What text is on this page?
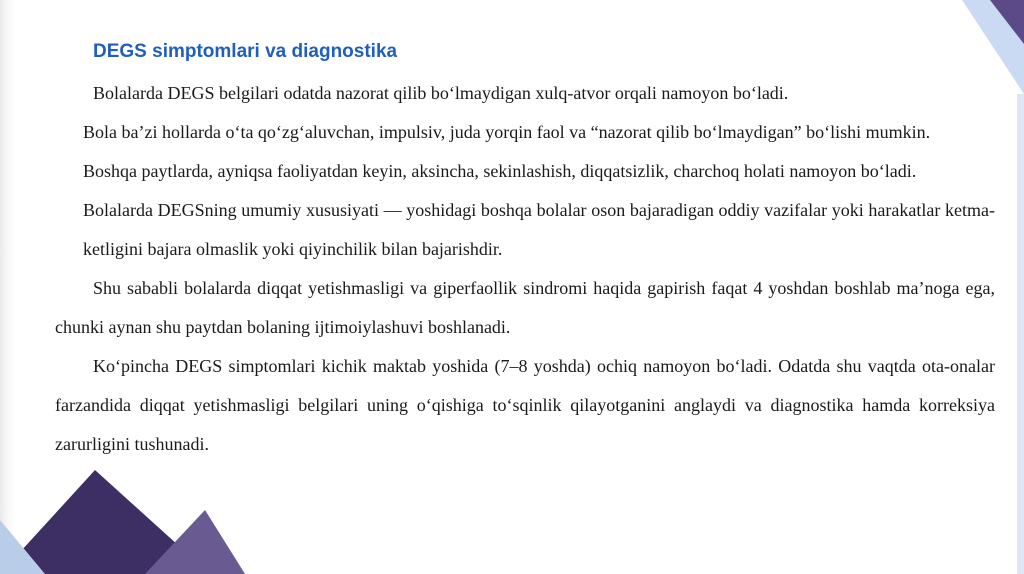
DEGS simptomlari va diagnostika

Bolalarda DEGS belgilari odatda nazorat qilib bo‘lmaydigan xulq-atvor orqali namoyon bo‘ladi.

Bola ba’zi hollarda o‘ta qo‘zg‘aluvchan, impulsiv, juda yorqin faol va “nazorat qilib bo‘lmaydigan” bo‘lishi mumkin.

Boshqa paytlarda, ayniqsa faoliyatdan keyin, aksincha, sekinlashish, diqqatsizlik, charchoq holati namoyon bo‘ladi.

Bolalarda DEGSning umumiy xususiyati — yoshidagi boshqa bolalar oson bajaradigan oddiy vazifalar yoki harakatlar ketma-ketligini bajara olmaslik yoki qiyinchilik bilan bajarishdir.

Shu sababli bolalarda diqqat yetishmasligi va giperfaollik sindromi haqida gapirish faqat 4 yoshdan boshlab ma’noga ega, chunki aynan shu paytdan bolaning ijtimoiylashuvi boshlanadi.

Ko‘pincha DEGS simptomlari kichik maktab yoshida (7–8 yoshda) ochiq namoyon bo‘ladi. Odatda shu vaqtda ota-onalar farzandida diqqat yetishmasligi belgilari uning o‘qishiga to‘sqinlik qilayotganini anglaydi va diagnostika hamda korreksiya zarurligini tushunadi.
